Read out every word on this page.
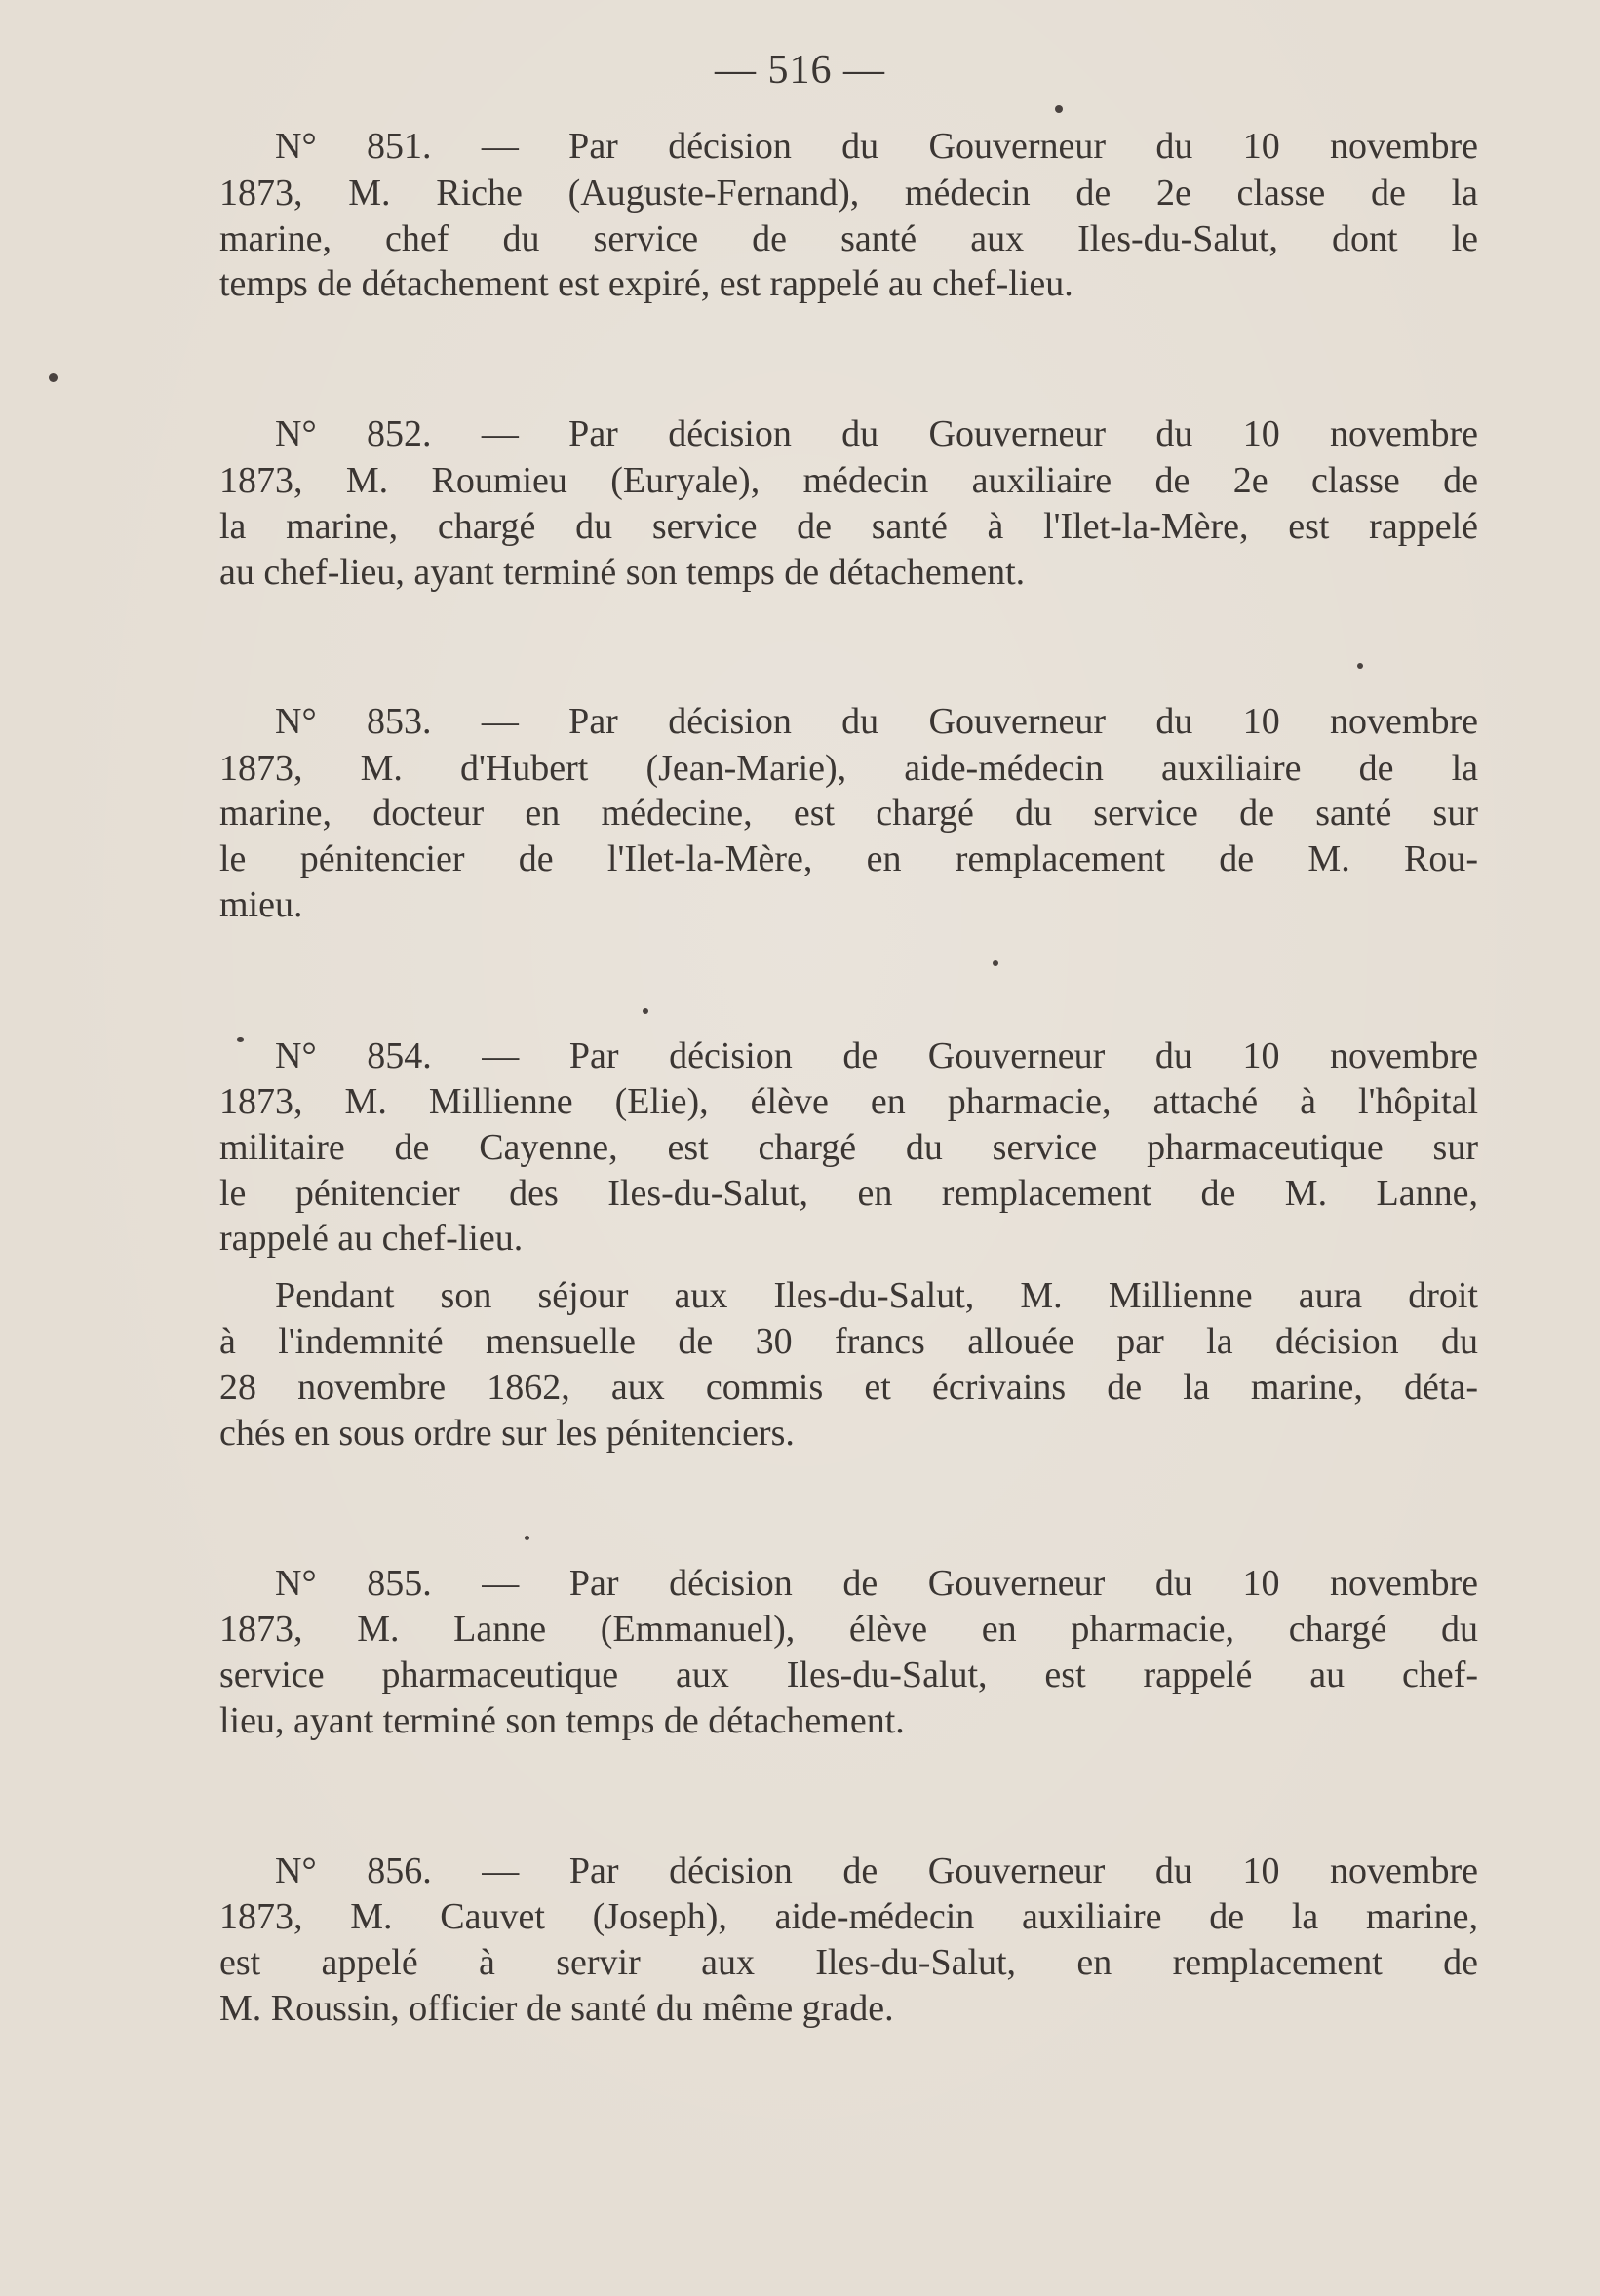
— 516 —
N° 851. — Par décision du Gouverneur du 10 novembre
1873, M. Riche (Auguste-Fernand), médecin de 2e classe de la
marine, chef du service de santé aux Iles-du-Salut, dont le
temps de détachement est expiré, est rappelé au chef-lieu.
N° 852. — Par décision du Gouverneur du 10 novembre
1873, M. Roumieu (Euryale), médecin auxiliaire de 2e classe de
la marine, chargé du service de santé à l'Ilet-la-Mère, est rappelé
au chef-lieu, ayant terminé son temps de détachement.
N° 853. — Par décision du Gouverneur du 10 novembre
1873, M. d'Hubert (Jean-Marie), aide-médecin auxiliaire de la
marine, docteur en médecine, est chargé du service de santé sur
le pénitencier de l'Ilet-la-Mère, en remplacement de M. Rou-
mieu.
N° 854. — Par décision de Gouverneur du 10 novembre
1873, M. Millienne (Elie), élève en pharmacie, attaché à l'hôpital
militaire de Cayenne, est chargé du service pharmaceutique sur
le pénitencier des Iles-du-Salut, en remplacement de M. Lanne,
rappelé au chef-lieu.
Pendant son séjour aux Iles-du-Salut, M. Millienne aura droit
à l'indemnité mensuelle de 30 francs allouée par la décision du
28 novembre 1862, aux commis et écrivains de la marine, déta-
chés en sous ordre sur les pénitenciers.
N° 855. — Par décision de Gouverneur du 10 novembre
1873, M. Lanne (Emmanuel), élève en pharmacie, chargé du
service pharmaceutique aux Iles-du-Salut, est rappelé au chef-
lieu, ayant terminé son temps de détachement.
N° 856. — Par décision de Gouverneur du 10 novembre
1873, M. Cauvet (Joseph), aide-médecin auxiliaire de la marine,
est appelé à servir aux Iles-du-Salut, en remplacement de
M. Roussin, officier de santé du même grade.
